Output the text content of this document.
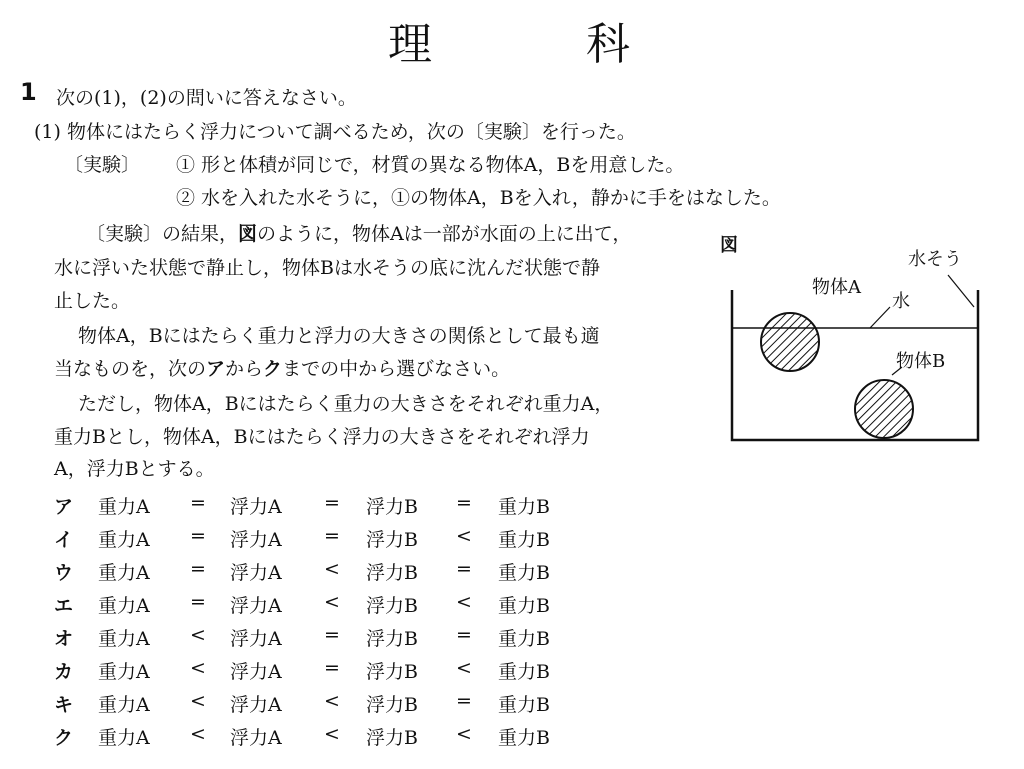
理	科
1 次の(1)，(2)の問いに答えなさい。
(1) 物体にはたらく浮力について調べるため，次の〔実験〕を行った。
〔実験〕 ① 形と体積が同じで，材質の異なる物体A，Bを用意した。
② 水を入れた水そうに，①の物体A，Bを入れ，静かに手をはなした。
〔実験〕の結果，図のように，物体Aは一部が水面の上に出て，
水に浮いた状態で静止し，物体Bは水そうの底に沈んだ状態で静
止した。
物体A，Bにはたらく重力と浮力の大きさの関係として最も適
当なものを，次のアからクまでの中から選びなさい。
ただし，物体A，Bにはたらく重力の大きさをそれぞれ重力A，
重力Bとし，物体A，Bにはたらく浮力の大きさをそれぞれ浮力
A，浮力Bとする。
ア 重力A = 浮力A = 浮力B = 重力B
イ 重力A = 浮力A = 浮力B < 重力B
ウ 重力A = 浮力A < 浮力B = 重力B
エ 重力A = 浮力A < 浮力B < 重力B
オ 重力A < 浮力A = 浮力B = 重力B
カ 重力A < 浮力A = 浮力B < 重力B
キ 重力A < 浮力A < 浮力B = 重力B
ク 重力A < 浮力A < 浮力B < 重力B
図
水そう
物体A
水
物体B
